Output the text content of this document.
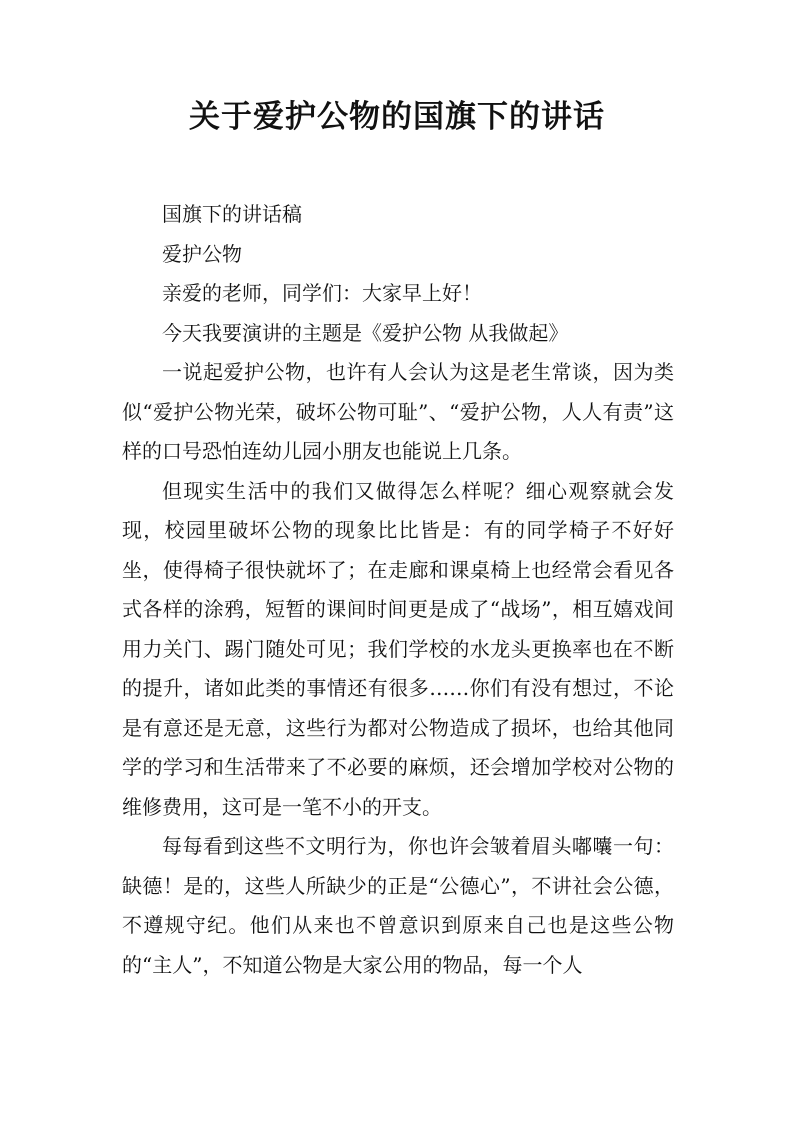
关于爱护公物的国旗下的讲话

国旗下的讲话稿

爱护公物

亲爱的老师，同学们：大家早上好！

今天我要演讲的主题是《爱护公物 从我做起》

一说起爱护公物，也许有人会认为这是老生常谈，因为类似“爱护公物光荣，破坏公物可耻”、“爱护公物，人人有责”这样的口号恐怕连幼儿园小朋友也能说上几条。

但现实生活中的我们又做得怎么样呢？细心观察就会发现，校园里破坏公物的现象比比皆是：有的同学椅子不好好坐，使得椅子很快就坏了；在走廊和课桌椅上也经常会看见各式各样的涂鸦，短暂的课间时间更是成了“战场”，相互嬉戏间用力关门、踢门随处可见；我们学校的水龙头更换率也在不断的提升，诸如此类的事情还有很多……你们有没有想过，不论是有意还是无意，这些行为都对公物造成了损坏，也给其他同学的学习和生活带来了不必要的麻烦，还会增加学校对公物的维修费用，这可是一笔不小的开支。

每每看到这些不文明行为，你也许会皱着眉头嘟囔一句：缺德！是的，这些人所缺少的正是“公德心”，不讲社会公德，不遵规守纪。他们从来也不曾意识到原来自己也是这些公物的“主人”，不知道公物是大家公用的物品，每一个人
